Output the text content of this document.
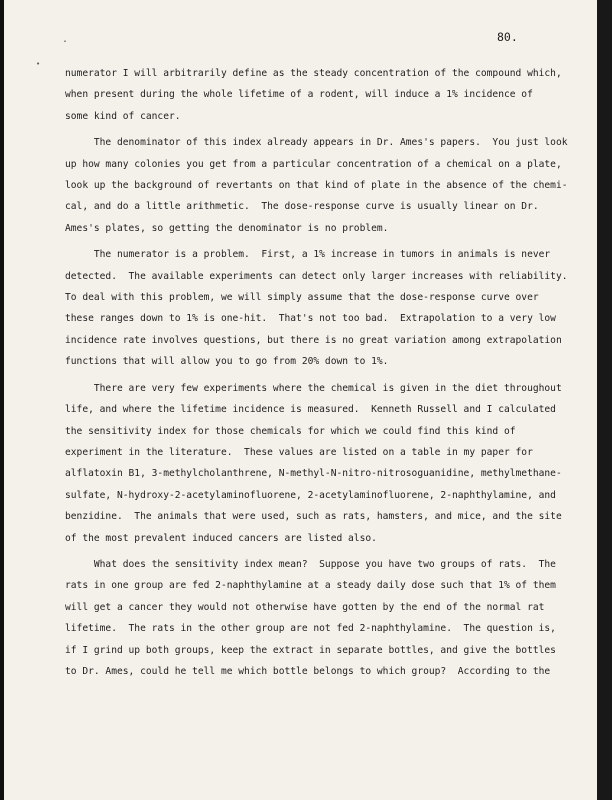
.
•
80.
numerator I will arbitrarily define as the steady concentration of the compound which,
when present during the whole lifetime of a rodent, will induce a 1% incidence of
some kind of cancer.
The denominator of this index already appears in Dr. Ames's papers.  You just look
up how many colonies you get from a particular concentration of a chemical on a plate,
look up the background of revertants on that kind of plate in the absence of the chemi-
cal, and do a little arithmetic.  The dose-response curve is usually linear on Dr.
Ames's plates, so getting the denominator is no problem.
The numerator is a problem.  First, a 1% increase in tumors in animals is never
detected.  The available experiments can detect only larger increases with reliability.
To deal with this problem, we will simply assume that the dose-response curve over
these ranges down to 1% is one-hit.  That's not too bad.  Extrapolation to a very low
incidence rate involves questions, but there is no great variation among extrapolation
functions that will allow you to go from 20% down to 1%.
There are very few experiments where the chemical is given in the diet throughout
life, and where the lifetime incidence is measured.  Kenneth Russell and I calculated
the sensitivity index for those chemicals for which we could find this kind of
experiment in the literature.  These values are listed on a table in my paper for
alflatoxin B1, 3-methylcholanthrene, N-methyl-N-nitro-nitrosoguanidine, methylmethane-
sulfate, N-hydroxy-2-acetylaminofluorene, 2-acetylaminofluorene, 2-naphthylamine, and
benzidine.  The animals that were used, such as rats, hamsters, and mice, and the site
of the most prevalent induced cancers are listed also.
What does the sensitivity index mean?  Suppose you have two groups of rats.  The
rats in one group are fed 2-naphthylamine at a steady daily dose such that 1% of them
will get a cancer they would not otherwise have gotten by the end of the normal rat
lifetime.  The rats in the other group are not fed 2-naphthylamine.  The question is,
if I grind up both groups, keep the extract in separate bottles, and give the bottles
to Dr. Ames, could he tell me which bottle belongs to which group?  According to the
